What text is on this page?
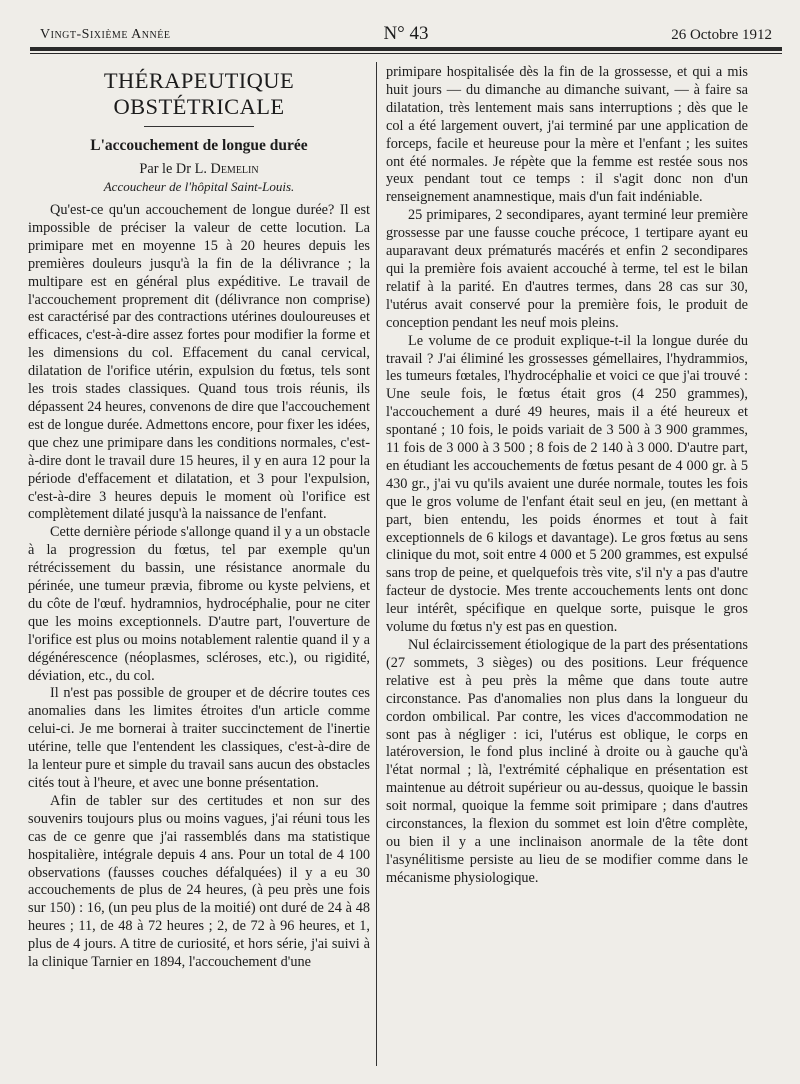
Vingt-Sixième Année	N° 43	26 Octobre 1912
THÉRAPEUTIQUE OBSTÉTRICALE
L'accouchement de longue durée
Par le Dr L. Demelin
Accoucheur de l'hôpital Saint-Louis.

Qu'est-ce qu'un accouchement de longue durée? Il est impossible de préciser la valeur de cette locution. La primipare met en moyenne 15 à 20 heures depuis les premières douleurs jusqu'à la fin de la délivrance ; la multipare est en général plus expéditive. Le travail de l'accouchement proprement dit (délivrance non comprise) est caractérisé par des contractions utérines douloureuses et efficaces, c'est-à-dire assez fortes pour modifier la forme et les dimensions du col. Effacement du canal cervical, dilatation de l'orifice utérin, expulsion du fœtus, tels sont les trois stades classiques. Quand tous trois réunis, ils dépassent 24 heures, convenons de dire que l'accouchement est de longue durée. Admettons encore, pour fixer les idées, que chez une primipare dans les conditions normales, c'est-à-dire dont le travail dure 15 heures, il y en aura 12 pour la période d'effacement et dilatation, et 3 pour l'expulsion, c'est-à-dire 3 heures depuis le moment où l'orifice est complètement dilaté jusqu'à la naissance de l'enfant.

Cette dernière période s'allonge quand il y a un obstacle à la progression du fœtus, tel par exemple qu'un rétrécissement du bassin, une résistance anormale du périnée, une tumeur prævia, fibrome ou kyste pelviens, et du côte de l'œuf. hydramnios, hydrocéphalie, pour ne citer que les moins exceptionnels. D'autre part, l'ouverture de l'orifice est plus ou moins notablement ralentie quand il y a dégénérescence (néoplasmes, scléroses, etc.), ou rigidité, déviation, etc., du col.

Il n'est pas possible de grouper et de décrire toutes ces anomalies dans les limites étroites d'un article comme celui-ci. Je me bornerai à traiter succinctement de l'inertie utérine, telle que l'entendent les classiques, c'est-à-dire de la lenteur pure et simple du travail sans aucun des obstacles cités tout à l'heure, et avec une bonne présentation.

Afin de tabler sur des certitudes et non sur des souvenirs toujours plus ou moins vagues, j'ai réuni tous les cas de ce genre que j'ai rassemblés dans ma statistique hospitalière, intégrale depuis 4 ans. Pour un total de 4 100 observations (fausses couches défalquées) il y a eu 30 accouchements de plus de 24 heures, (à peu près une fois sur 150) : 16, (un peu plus de la moitié) ont duré de 24 à 48 heures ; 11, de 48 à 72 heures ; 2, de 72 à 96 heures, et 1, plus de 4 jours. A titre de curiosité, et hors série, j'ai suivi à la clinique Tarnier en 1894, l'accouchement d'une

primipare hospitalisée dès la fin de la grossesse, et qui a mis huit jours — du dimanche au dimanche suivant, — à faire sa dilatation, très lentement mais sans interruptions ; dès que le col a été largement ouvert, j'ai terminé par une application de forceps, facile et heureuse pour la mère et l'enfant ; les suites ont été normales. Je répète que la femme est restée sous nos yeux pendant tout ce temps : il s'agit donc non d'un renseignement anamnestique, mais d'un fait indéniable.

25 primipares, 2 secondipares, ayant terminé leur première grossesse par une fausse couche précoce, 1 tertipare ayant eu auparavant deux prématurés macérés et enfin 2 secondipares qui la première fois avaient accouché à terme, tel est le bilan relatif à la parité. En d'autres termes, dans 28 cas sur 30, l'utérus avait conservé pour la première fois, le produit de conception pendant les neuf mois pleins.

Le volume de ce produit explique-t-il la longue durée du travail ? J'ai éliminé les grossesses gémellaires, l'hydrammios, les tumeurs fœtales, l'hydrocéphalie et voici ce que j'ai trouvé : Une seule fois, le fœtus était gros (4 250 grammes), l'accouchement a duré 49 heures, mais il a été heureux et spontané ; 10 fois, le poids variait de 3 500 à 3 900 grammes, 11 fois de 3 000 à 3 500 ; 8 fois de 2 140 à 3 000. D'autre part, en étudiant les accouchements de fœtus pesant de 4 000 gr. à 5 430 gr., j'ai vu qu'ils avaient une durée normale, toutes les fois que le gros volume de l'enfant était seul en jeu, (en mettant à part, bien entendu, les poids énormes et tout à fait exceptionnels de 6 kilogs et davantage). Le gros fœtus au sens clinique du mot, soit entre 4 000 et 5 200 grammes, est expulsé sans trop de peine, et quelquefois très vite, s'il n'y a pas d'autre facteur de dystocie. Mes trente accouchements lents ont donc leur intérêt, spécifique en quelque sorte, puisque le gros volume du fœtus n'y est pas en question.

Nul éclaircissement étiologique de la part des présentations (27 sommets, 3 sièges) ou des positions. Leur fréquence relative est à peu près la même que dans toute autre circonstance. Pas d'anomalies non plus dans la longueur du cordon ombilical. Par contre, les vices d'accommodation ne sont pas à négliger : ici, l'utérus est oblique, le corps en latéroversion, le fond plus incliné à droite ou à gauche qu'à l'état normal ; là, l'extrémité céphalique en présentation est maintenue au détroit supérieur ou au-dessus, quoique le bassin soit normal, quoique la femme soit primipare ; dans d'autres circonstances, la flexion du sommet est loin d'être complète, ou bien il y a une inclinaison anormale de la tête dont l'asynélitisme persiste au lieu de se modifier comme dans le mécanisme physiologique.
